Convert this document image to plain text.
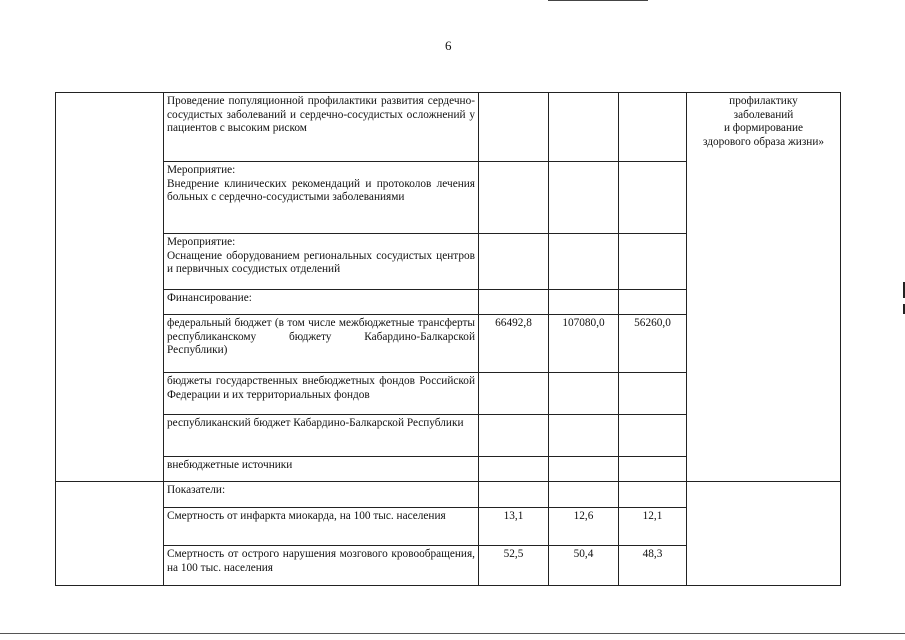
6
	Проведение популяционной профилактики развития сердечно-сосудистых заболеваний и сердечно-сосудистых осложнений у пациентов с высоким риском				профилактику
заболеваний
и формирование
здорового образа жизни»
	Мероприятие:
Внедрение клинических рекомендаций и протоколов лечения больных с сердечно-сосудистыми заболеваниями				
	Мероприятие:
Оснащение оборудованием региональных сосудистых центров и первичных сосудистых отделений				
	Финансирование:				
	федеральный бюджет (в том числе межбюджетные трансферты республиканскому бюджету Кабардино-Балкарской Республики)	66492,8	107080,0	56260,0	
	бюджеты государственных внебюджетных фондов Российской Федерации и их территориальных фондов				
	республиканский бюджет Кабардино-Балкарской Республики				
	внебюджетные источники				
	Показатели:				
	Смертность от инфаркта миокарда, на 100 тыс. населения	13,1	12,6	12,1	
	Смертность от острого нарушения мозгового кровообращения, на 100 тыс. населения	52,5	50,4	48,3	
